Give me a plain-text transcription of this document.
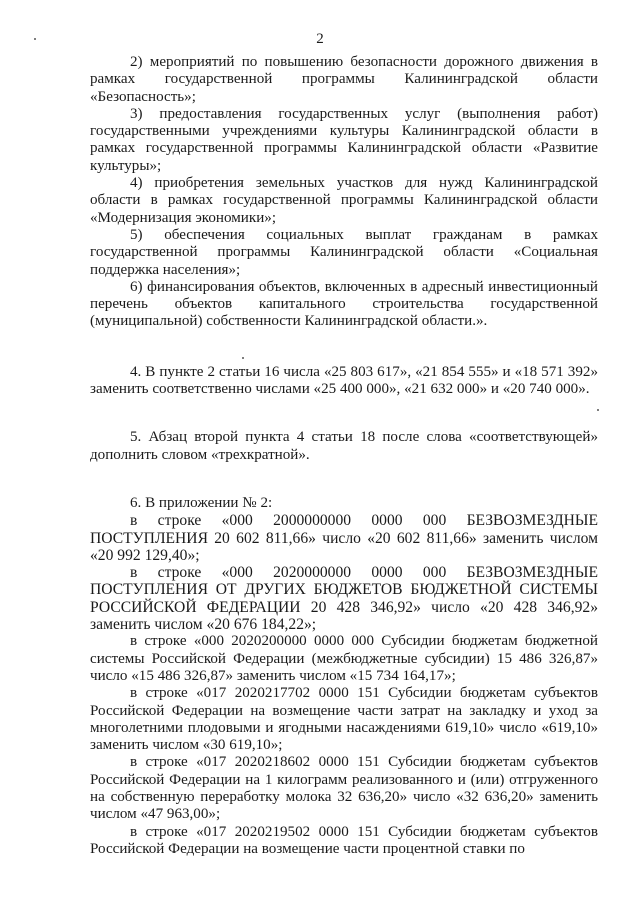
2

2) мероприятий по повышению безопасности дорожного движения в рамках государственной программы Калининградской области «Безопасность»;

3) предоставления государственных услуг (выполнения работ) государственными учреждениями культуры Калининградской области в рамках государственной программы Калининградской области «Развитие культуры»;

4) приобретения земельных участков для нужд Калининградской области в рамках государственной программы Калининградской области «Модернизация экономики»;

5) обеспечения социальных выплат гражданам в рамках государственной программы Калининградской области «Социальная поддержка населения»;

6) финансирования объектов, включенных в адресный инвестиционный перечень объектов капитального строительства государственной (муниципальной) собственности Калининградской области.».

4. В пункте 2 статьи 16 числа «25 803 617», «21 854 555» и «18 571 392» заменить соответственно числами «25 400 000», «21 632 000» и «20 740 000».

5. Абзац второй пункта 4 статьи 18 после слова «соответствующей» дополнить словом «трехкратной».

6. В приложении № 2:

в строке «000 2000000000 0000 000 БЕЗВОЗМЕЗДНЫЕ ПОСТУПЛЕНИЯ 20 602 811,66» число «20 602 811,66» заменить числом «20 992 129,40»;

в строке «000 2020000000 0000 000 БЕЗВОЗМЕЗДНЫЕ ПОСТУПЛЕНИЯ ОТ ДРУГИХ БЮДЖЕТОВ БЮДЖЕТНОЙ СИСТЕМЫ РОССИЙСКОЙ ФЕДЕРАЦИИ 20 428 346,92» число «20 428 346,92» заменить числом «20 676 184,22»;

в строке «000 2020200000 0000 000 Субсидии бюджетам бюджетной системы Российской Федерации (межбюджетные субсидии) 15 486 326,87» число «15 486 326,87» заменить числом «15 734 164,17»;

в строке «017 2020217702 0000 151 Субсидии бюджетам субъектов Российской Федерации на возмещение части затрат на закладку и уход за многолетними плодовыми и ягодными насаждениями 619,10» число «619,10» заменить числом «30 619,10»;

в строке «017 2020218602 0000 151 Субсидии бюджетам субъектов Российской Федерации на 1 килограмм реализованного и (или) отгруженного на собственную переработку молока 32 636,20» число «32 636,20» заменить числом «47 963,00»;

в строке «017 2020219502 0000 151 Субсидии бюджетам субъектов Российской Федерации на возмещение части процентной ставки по
